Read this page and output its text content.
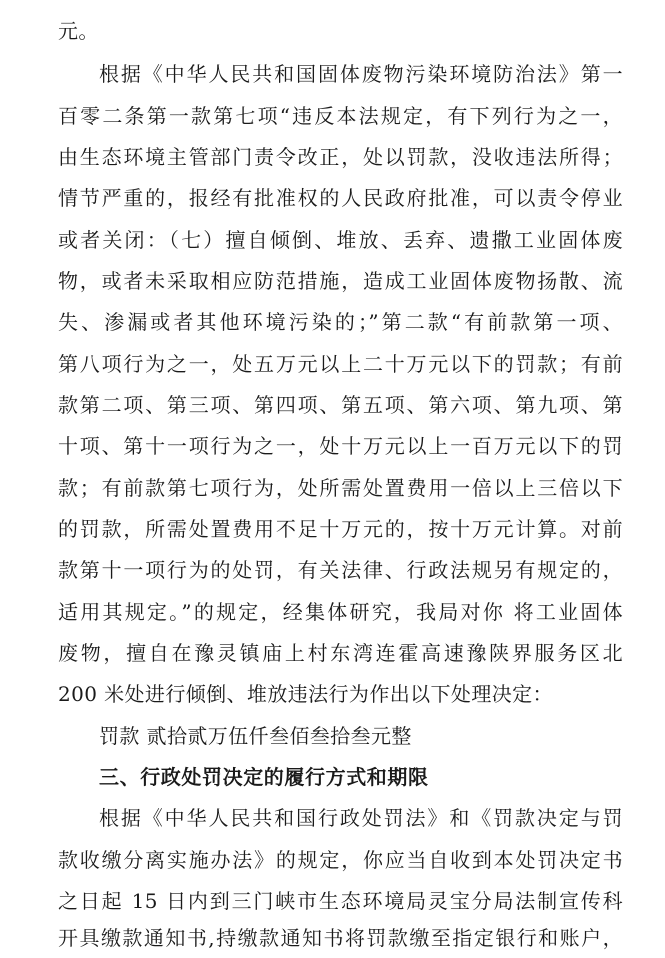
元。
根据《中华人民共和国固体废物污染环境防治法》第一
百零二条第一款第七项“违反本法规定，有下列行为之一，
由生态环境主管部门责令改正，处以罚款，没收违法所得；
情节严重的，报经有批准权的人民政府批准，可以责令停业
或者关闭：（七）擅自倾倒、堆放、丢弃、遗撒工业固体废
物，或者未采取相应防范措施，造成工业固体废物扬散、流
失、渗漏或者其他环境污染的；”第二款“有前款第一项、
第八项行为之一，处五万元以上二十万元以下的罚款；有前
款第二项、第三项、第四项、第五项、第六项、第九项、第
十项、第十一项行为之一，处十万元以上一百万元以下的罚
款；有前款第七项行为，处所需处置费用一倍以上三倍以下
的罚款，所需处置费用不足十万元的，按十万元计算。对前
款第十一项行为的处罚，有关法律、行政法规另有规定的，
适用其规定。”的规定，经集体研究，我局对你 将工业固体
废物，擅自在豫灵镇庙上村东湾连霍高速豫陕界服务区北
200 米处进行倾倒、堆放违法行为作出以下处理决定：
罚款 贰拾贰万伍仟叁佰叁拾叁元整
三、行政处罚决定的履行方式和期限
根据《中华人民共和国行政处罚法》和《罚款决定与罚
款收缴分离实施办法》的规定，你应当自收到本处罚决定书
之日起 15 日内到三门峡市生态环境局灵宝分局法制宣传科
开具缴款通知书,持缴款通知书将罚款缴至指定银行和账户，
